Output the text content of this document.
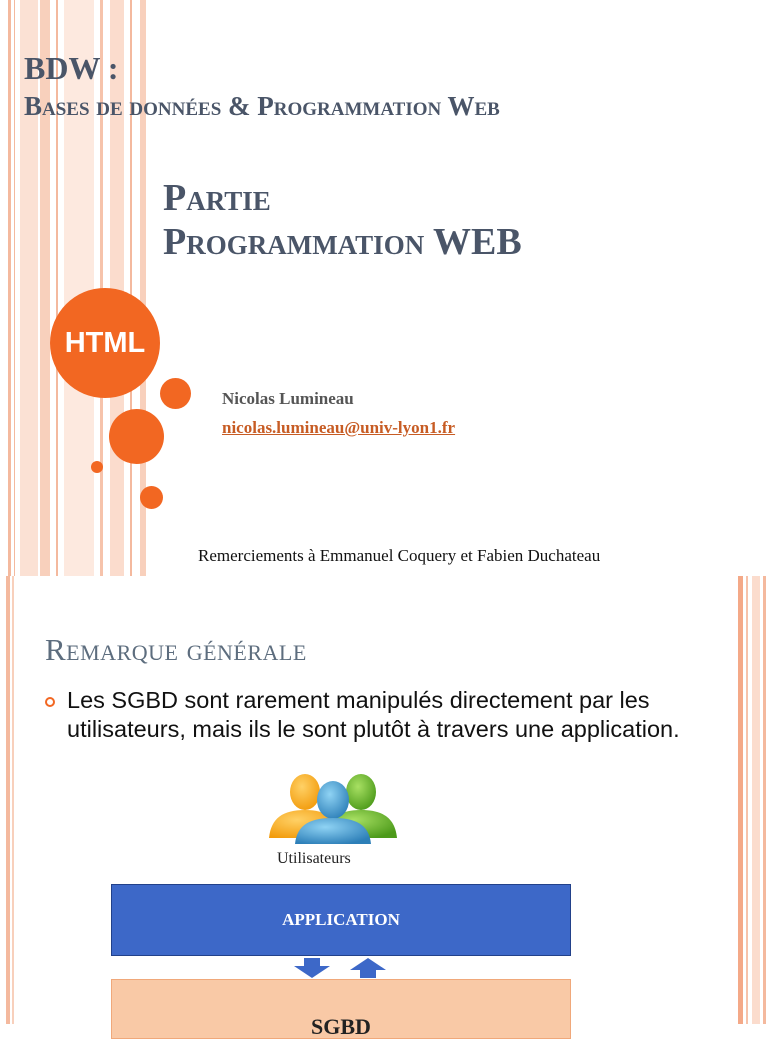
BDW :
Bases de données & Programmation Web
Partie
Programmation WEB
HTML
Nicolas Lumineau
nicolas.lumineau@univ-lyon1.fr
Remerciements à Emmanuel Coquery et Fabien Duchateau
Remarque générale

Les SGBD sont rarement manipulés directement par les utilisateurs, mais ils le sont plutôt à travers une application.

Utilisateurs
APPLICATION
SGBD
